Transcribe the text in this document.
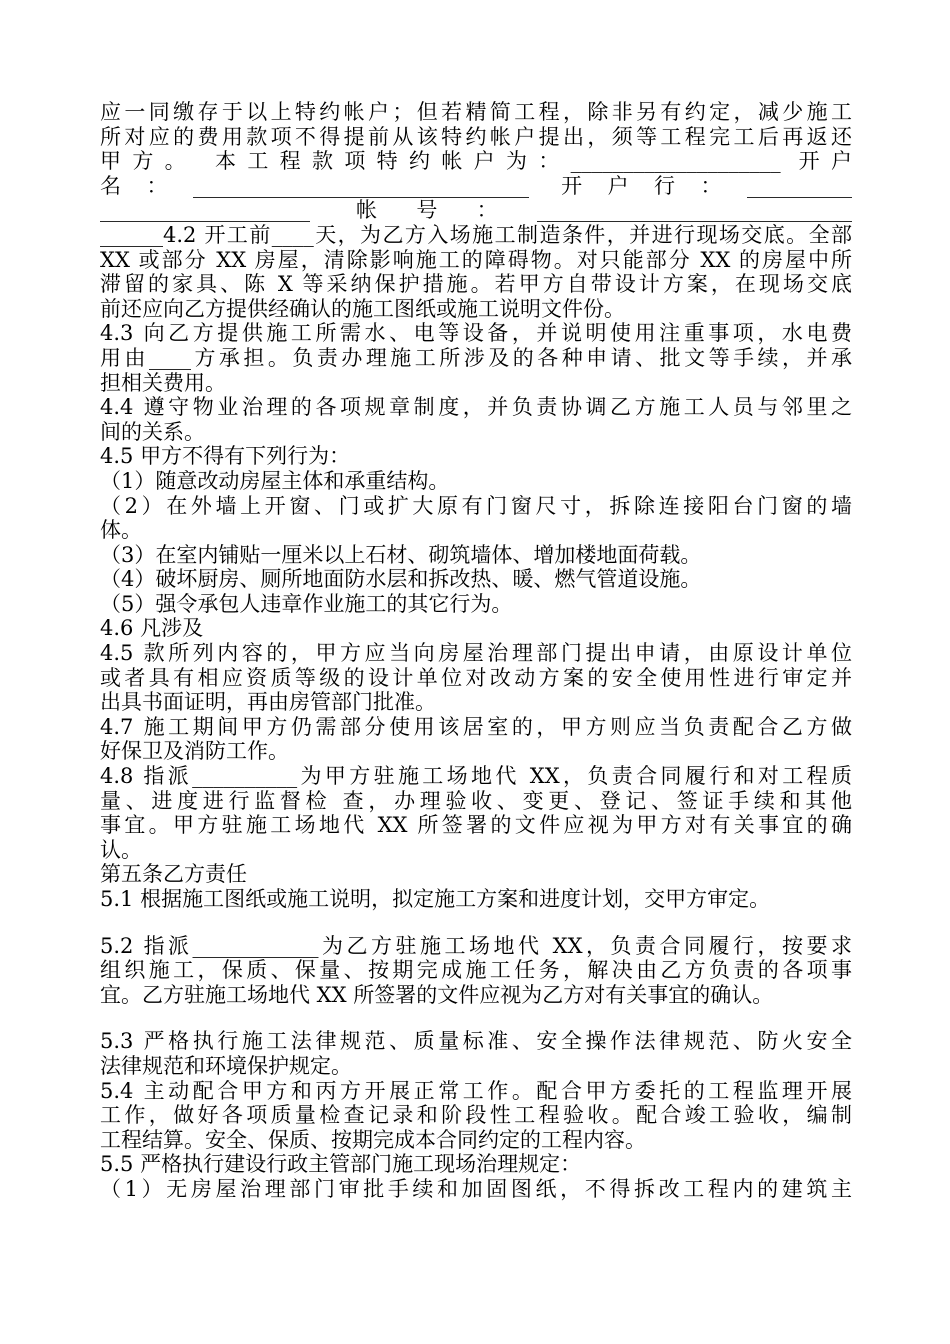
应一同缴存于以上特约帐户；但若精简工程，除非另有约定，减少施工
所对应的费用款项不得提前从该特约帐户提出，须等工程完工后再返还
甲方。 本工程款项特约帐户为：____________________ 开户
名：________________________________ 开户行：__________
____________________ 帐号：______________________________
______4.2 开工前____天，为乙方入场施工制造条件，并进行现场交底。全部
XX 或部分 XX 房屋，清除影响施工的障碍物。对只能部分 XX 的房屋中所
滞留的家具、陈 X 等采纳保护措施。若甲方自带设计方案，在现场交底
前还应向乙方提供经确认的施工图纸或施工说明文件份。
4.3 向乙方提供施工所需水、电等设备，并说明使用注重事项，水电费
用由____方承担。负责办理施工所涉及的各种申请、批文等手续，并承
担相关费用。
4.4 遵守物业治理的各项规章制度，并负责协调乙方施工人员与邻里之
间的关系。
4.5 甲方不得有下列行为：
（1）随意改动房屋主体和承重结构。
（2）在外墙上开窗、门或扩大原有门窗尺寸，拆除连接阳台门窗的墙
体。
（3）在室内铺贴一厘米以上石材、砌筑墙体、增加楼地面荷载。
（4）破坏厨房、厕所地面防水层和拆改热、暖、燃气管道设施。
（5）强令承包人违章作业施工的其它行为。
4.6 凡涉及
4.5 款所列内容的，甲方应当向房屋治理部门提出申请，由原设计单位
或者具有相应资质等级的设计单位对改动方案的安全使用性进行审定并
出具书面证明，再由房管部门批准。
4.7 施工期间甲方仍需部分使用该居室的，甲方则应当负责配合乙方做
好保卫及消防工作。
4.8 指派__________为甲方驻施工场地代 XX，负责合同履行和对工程质
量、进度进行监督检 查，办理验收、变更、登记、签证手续和其他
事宜。甲方驻施工场地代 XX 所签署的文件应视为甲方对有关事宜的确
认。
第五条乙方责任
5.1 根据施工图纸或施工说明，拟定施工方案和进度计划，交甲方审定。
5.2 指派____________为乙方驻施工场地代 XX，负责合同履行，按要求
组织施工，保质、保量、按期完成施工任务，解决由乙方负责的各项事
宜。乙方驻施工场地代 XX 所签署的文件应视为乙方对有关事宜的确认。
5.3 严格执行施工法律规范、质量标准、安全操作法律规范、防火安全
法律规范和环境保护规定。
5.4 主动配合甲方和丙方开展正常工作。配合甲方委托的工程监理开展
工作，做好各项质量检查记录和阶段性工程验收。配合竣工验收，编制
工程结算。安全、保质、按期完成本合同约定的工程内容。
5.5 严格执行建设行政主管部门施工现场治理规定：
（1）无房屋治理部门审批手续和加固图纸，不得拆改工程内的建筑主
